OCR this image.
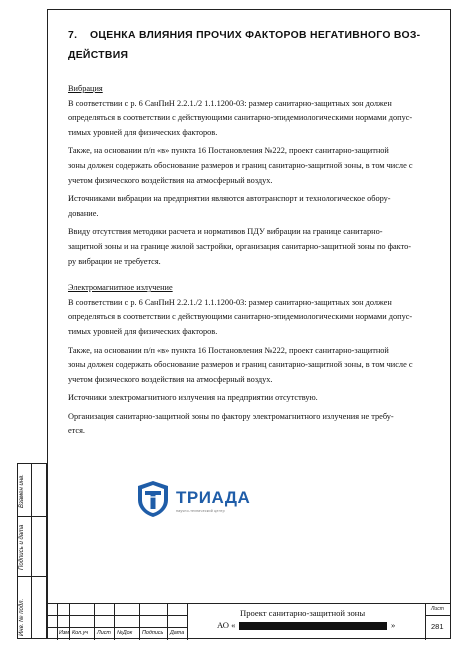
7. ОЦЕНКА ВЛИЯНИЯ ПРОЧИХ ФАКТОРОВ НЕГАТИВНОГО ВОЗ-
ДЕЙСТВИЯ
Вибрация
В соответствии с р. 6 СанПиН 2.2.1./2 1.1.1200-03: размер санитарно-защитных зон должен
определяться в соответствии с действующими санитарно-эпидемиологическими нормами допус-
тимых уровней для физических факторов.
Также, на основании п/п «в» пункта 16 Постановления №222, проект санитарно-защитной
зоны должен содержать обоснование размеров и границ санитарно-защитной зоны, в том числе с
учетом физического воздействия на атмосферный воздух.
Источниками вибрации на предприятии являются автотранспорт и технологическое обору-
дование.
Ввиду отсутствия методики расчета и нормативов ПДУ вибрации на границе санитарно-
защитной зоны и на границе жилой застройки, организация санитарно-защитной зоны по факто-
ру вибрации не требуется.
Электромагнитное излучение
В соответствии с р. 6 СанПиН 2.2.1./2 1.1.1200-03: размер санитарно-защитных зон должен
определяться в соответствии с действующими санитарно-эпидемиологическими нормами допус-
тимых уровней для физических факторов.
Также, на основании п/п «в» пункта 16 Постановления №222, проект санитарно-защитной
зоны должен содержать обоснование размеров и границ санитарно-защитной зоны, в том числе с
учетом физического воздействия на атмосферный воздух.
Источники электромагнитного излучения на предприятии отсутствую.
Организация санитарно-защитной зоны по фактору электромагнитного излучения не требу-
ется.
ТРИАДА
научно-технический центр
Взамен инв.
Подпись и дата
Инв. № подл.	Изм. Кол.уч Лист №Док Подпись Дата
Проект санитарно-защитной зоны
АО «	»
Лист
281
